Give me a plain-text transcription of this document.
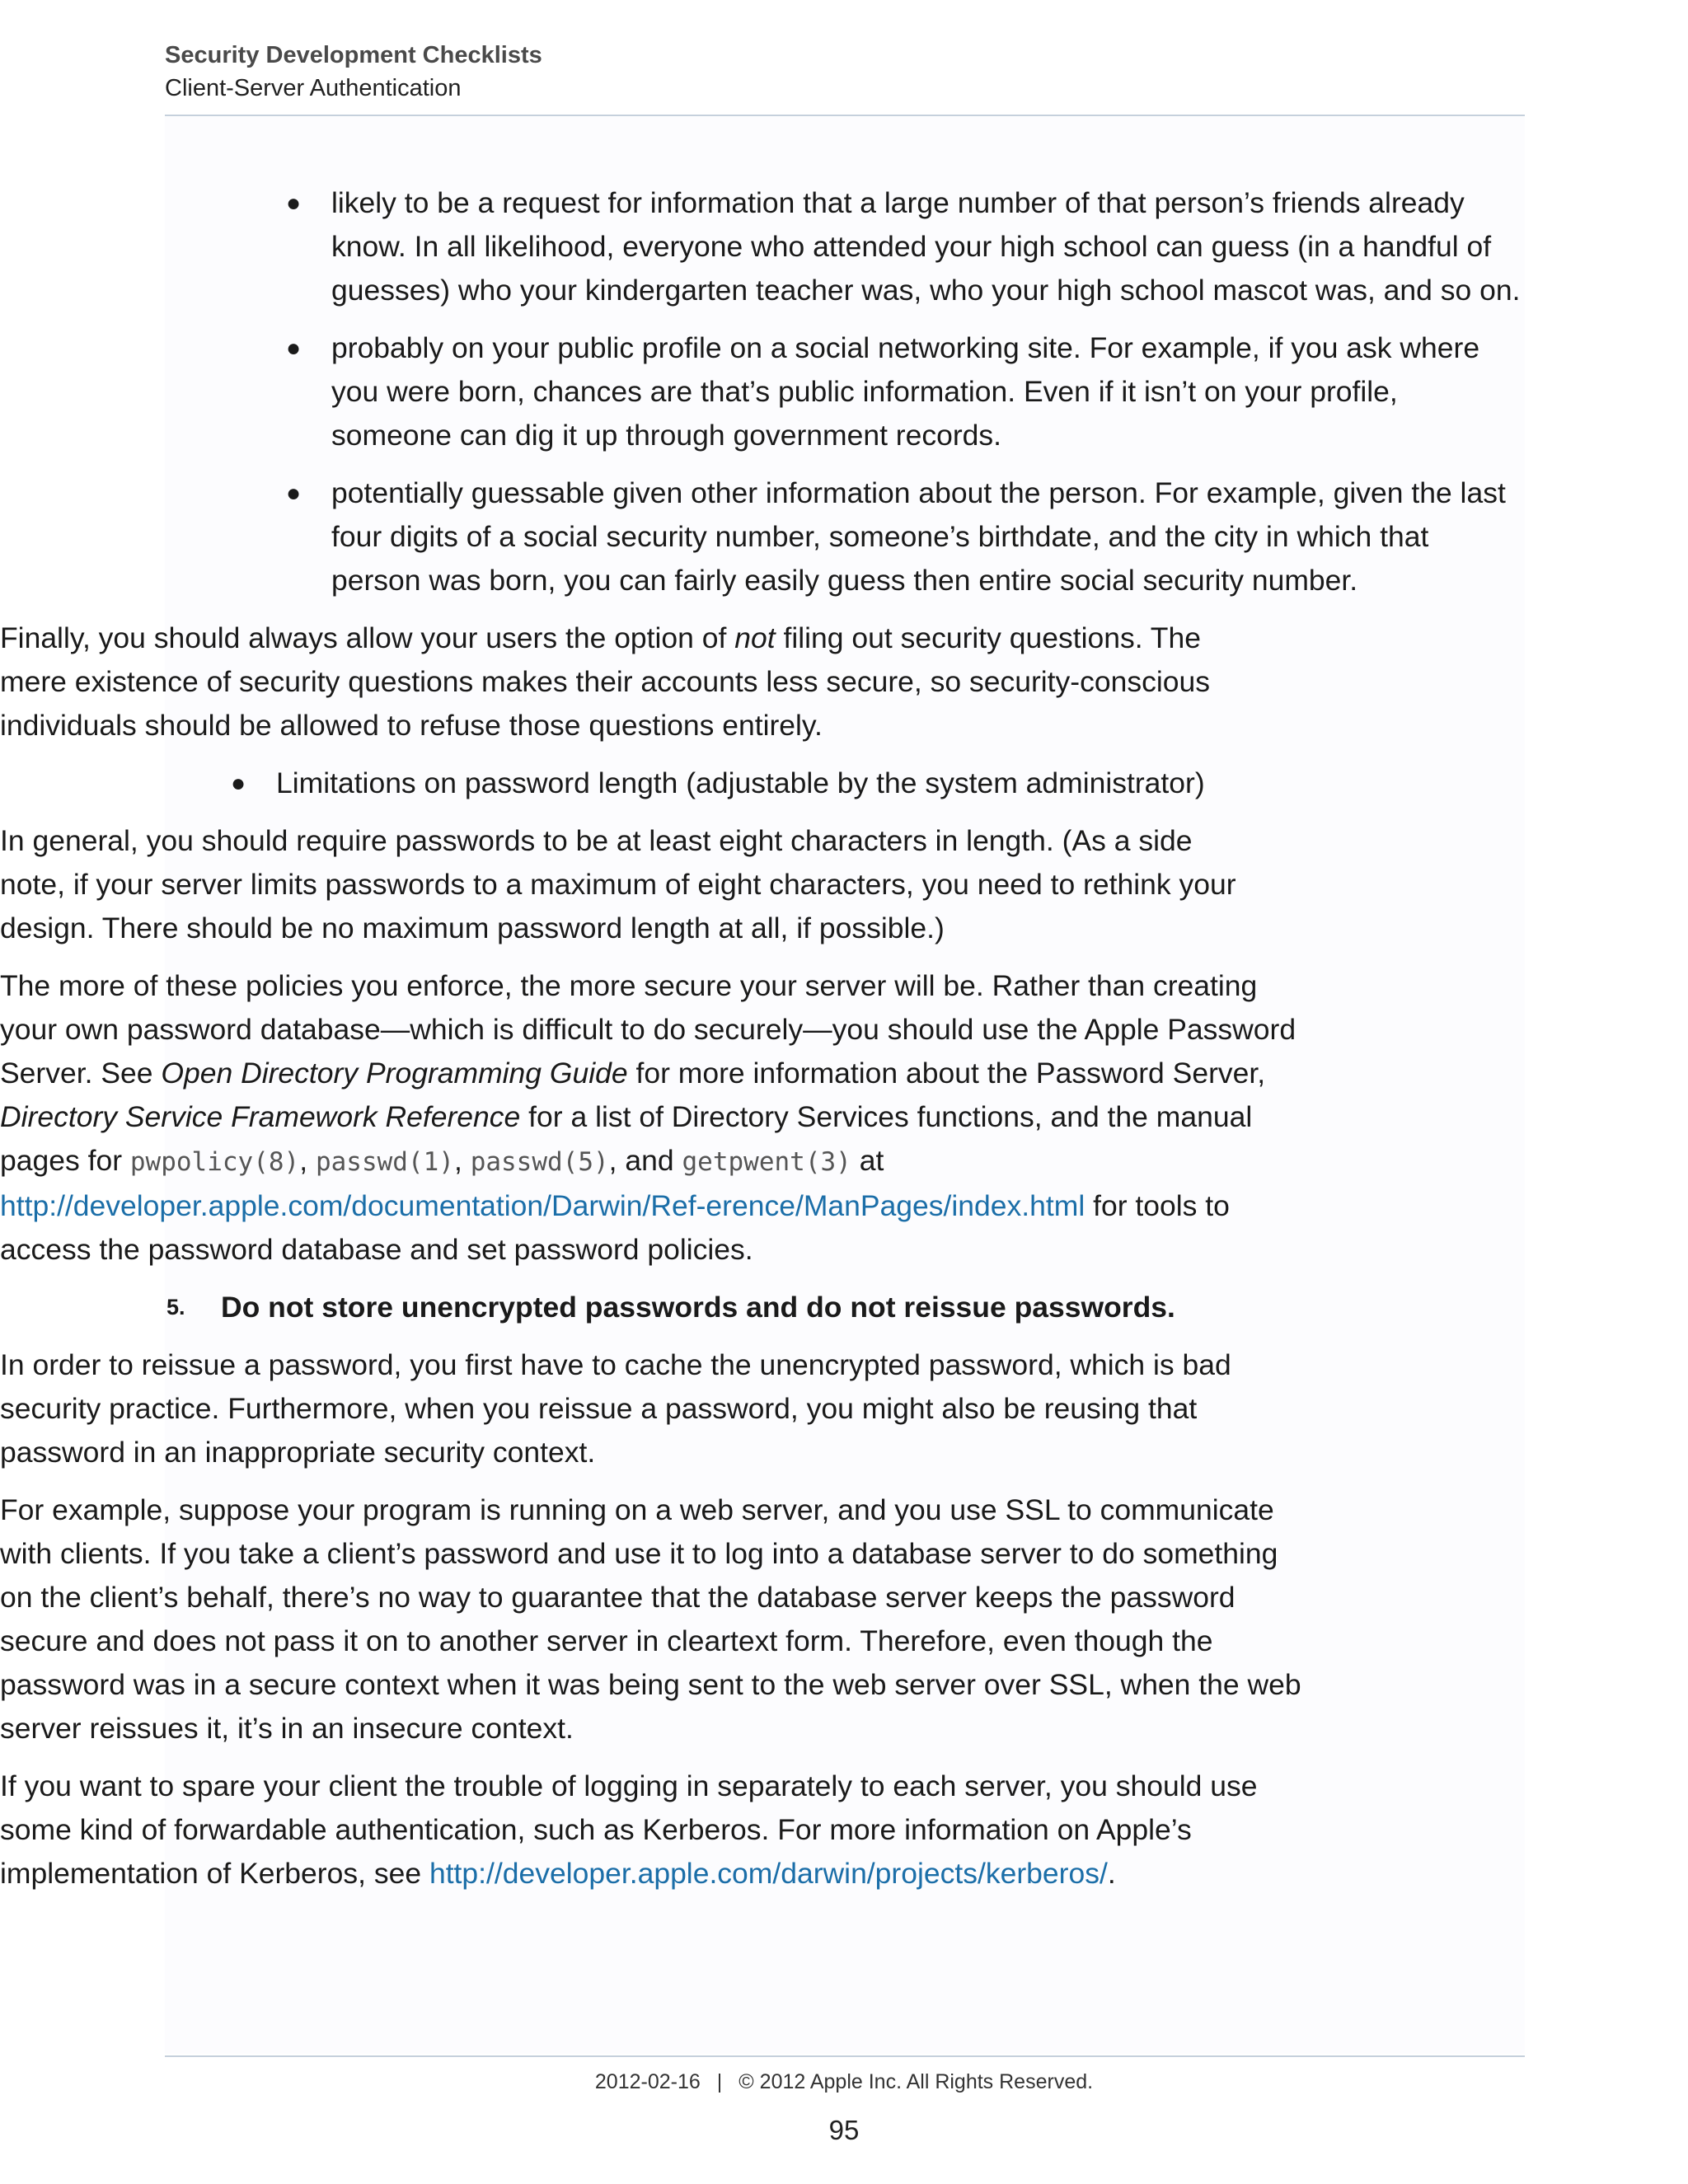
Security Development Checklists
Client-Server Authentication
● likely to be a request for information that a large number of that person’s friends already know. In all likelihood, everyone who attended your high school can guess (in a handful of guesses) who your kindergarten teacher was, who your high school mascot was, and so on.

● probably on your public profile on a social networking site. For example, if you ask where you were born, chances are that’s public information. Even if it isn’t on your profile, someone can dig it up through government records.

● potentially guessable given other information about the person. For example, given the last four digits of a social security number, someone’s birthdate, and the city in which that person was born, you can fairly easily guess then entire social security number.

Finally, you should always allow your users the option of not filing out security questions. The mere existence of security questions makes their accounts less secure, so security-conscious individuals should be allowed to refuse those questions entirely.

● Limitations on password length (adjustable by the system administrator)

In general, you should require passwords to be at least eight characters in length. (As a side note, if your server limits passwords to a maximum of eight characters, you need to rethink your design. There should be no maximum password length at all, if possible.)

The more of these policies you enforce, the more secure your server will be. Rather than creating your own password database—which is difficult to do securely—you should use the Apple Password Server. See Open Directory Programming Guide for more information about the Password Server, Directory Service Framework Reference for a list of Directory Services functions, and the manual pages for pwpolicy(8), passwd(1), passwd(5), and getpwent(3) at http://developer.apple.com/documentation/Darwin/Ref-erence/ManPages/index.html for tools to access the password database and set password policies.

5. Do not store unencrypted passwords and do not reissue passwords.

In order to reissue a password, you first have to cache the unencrypted password, which is bad security practice. Furthermore, when you reissue a password, you might also be reusing that password in an inappropriate security context.

For example, suppose your program is running on a web server, and you use SSL to communicate with clients. If you take a client’s password and use it to log into a database server to do something on the client’s behalf, there’s no way to guarantee that the database server keeps the password secure and does not pass it on to another server in cleartext form. Therefore, even though the password was in a secure context when it was being sent to the web server over SSL, when the web server reissues it, it’s in an insecure context.

If you want to spare your client the trouble of logging in separately to each server, you should use some kind of forwardable authentication, such as Kerberos. For more information on Apple’s implementation of Kerberos, see http://developer.apple.com/darwin/projects/kerberos/.

2012-02-16 | © 2012 Apple Inc. All Rights Reserved.
95
